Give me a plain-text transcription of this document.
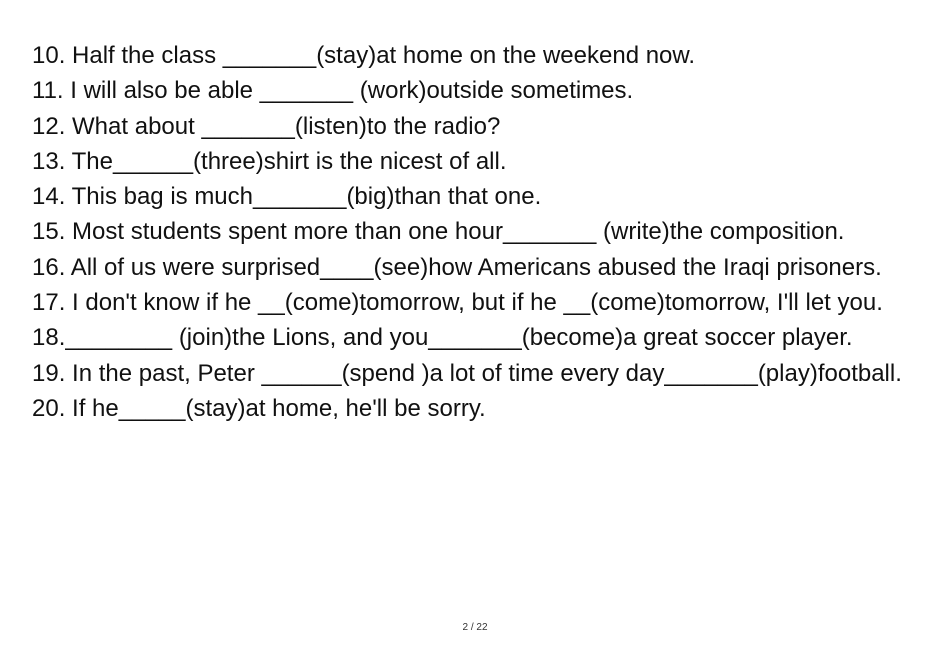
10. Half the class _______(stay)at home on the weekend now.

11. I will also be able _______ (work)outside sometimes.

12. What about _______(listen)to the radio?

13. The______(three)shirt is the nicest of all.

14. This bag is much_______(big)than that one.

15. Most students spent more than one hour_______ (write)the composition.

16. All of us were surprised____(see)how Americans abused the Iraqi prisoners.

17. I don't know if he __(come)tomorrow, but if he __(come)tomorrow, I'll let you.

18.________ (join)the Lions, and you_______(become)a great soccer player.

19. In the past, Peter ______(spend )a lot of time every day_______(play)football.

20. If he_____(stay)at home, he'll be sorry.

2 / 22
